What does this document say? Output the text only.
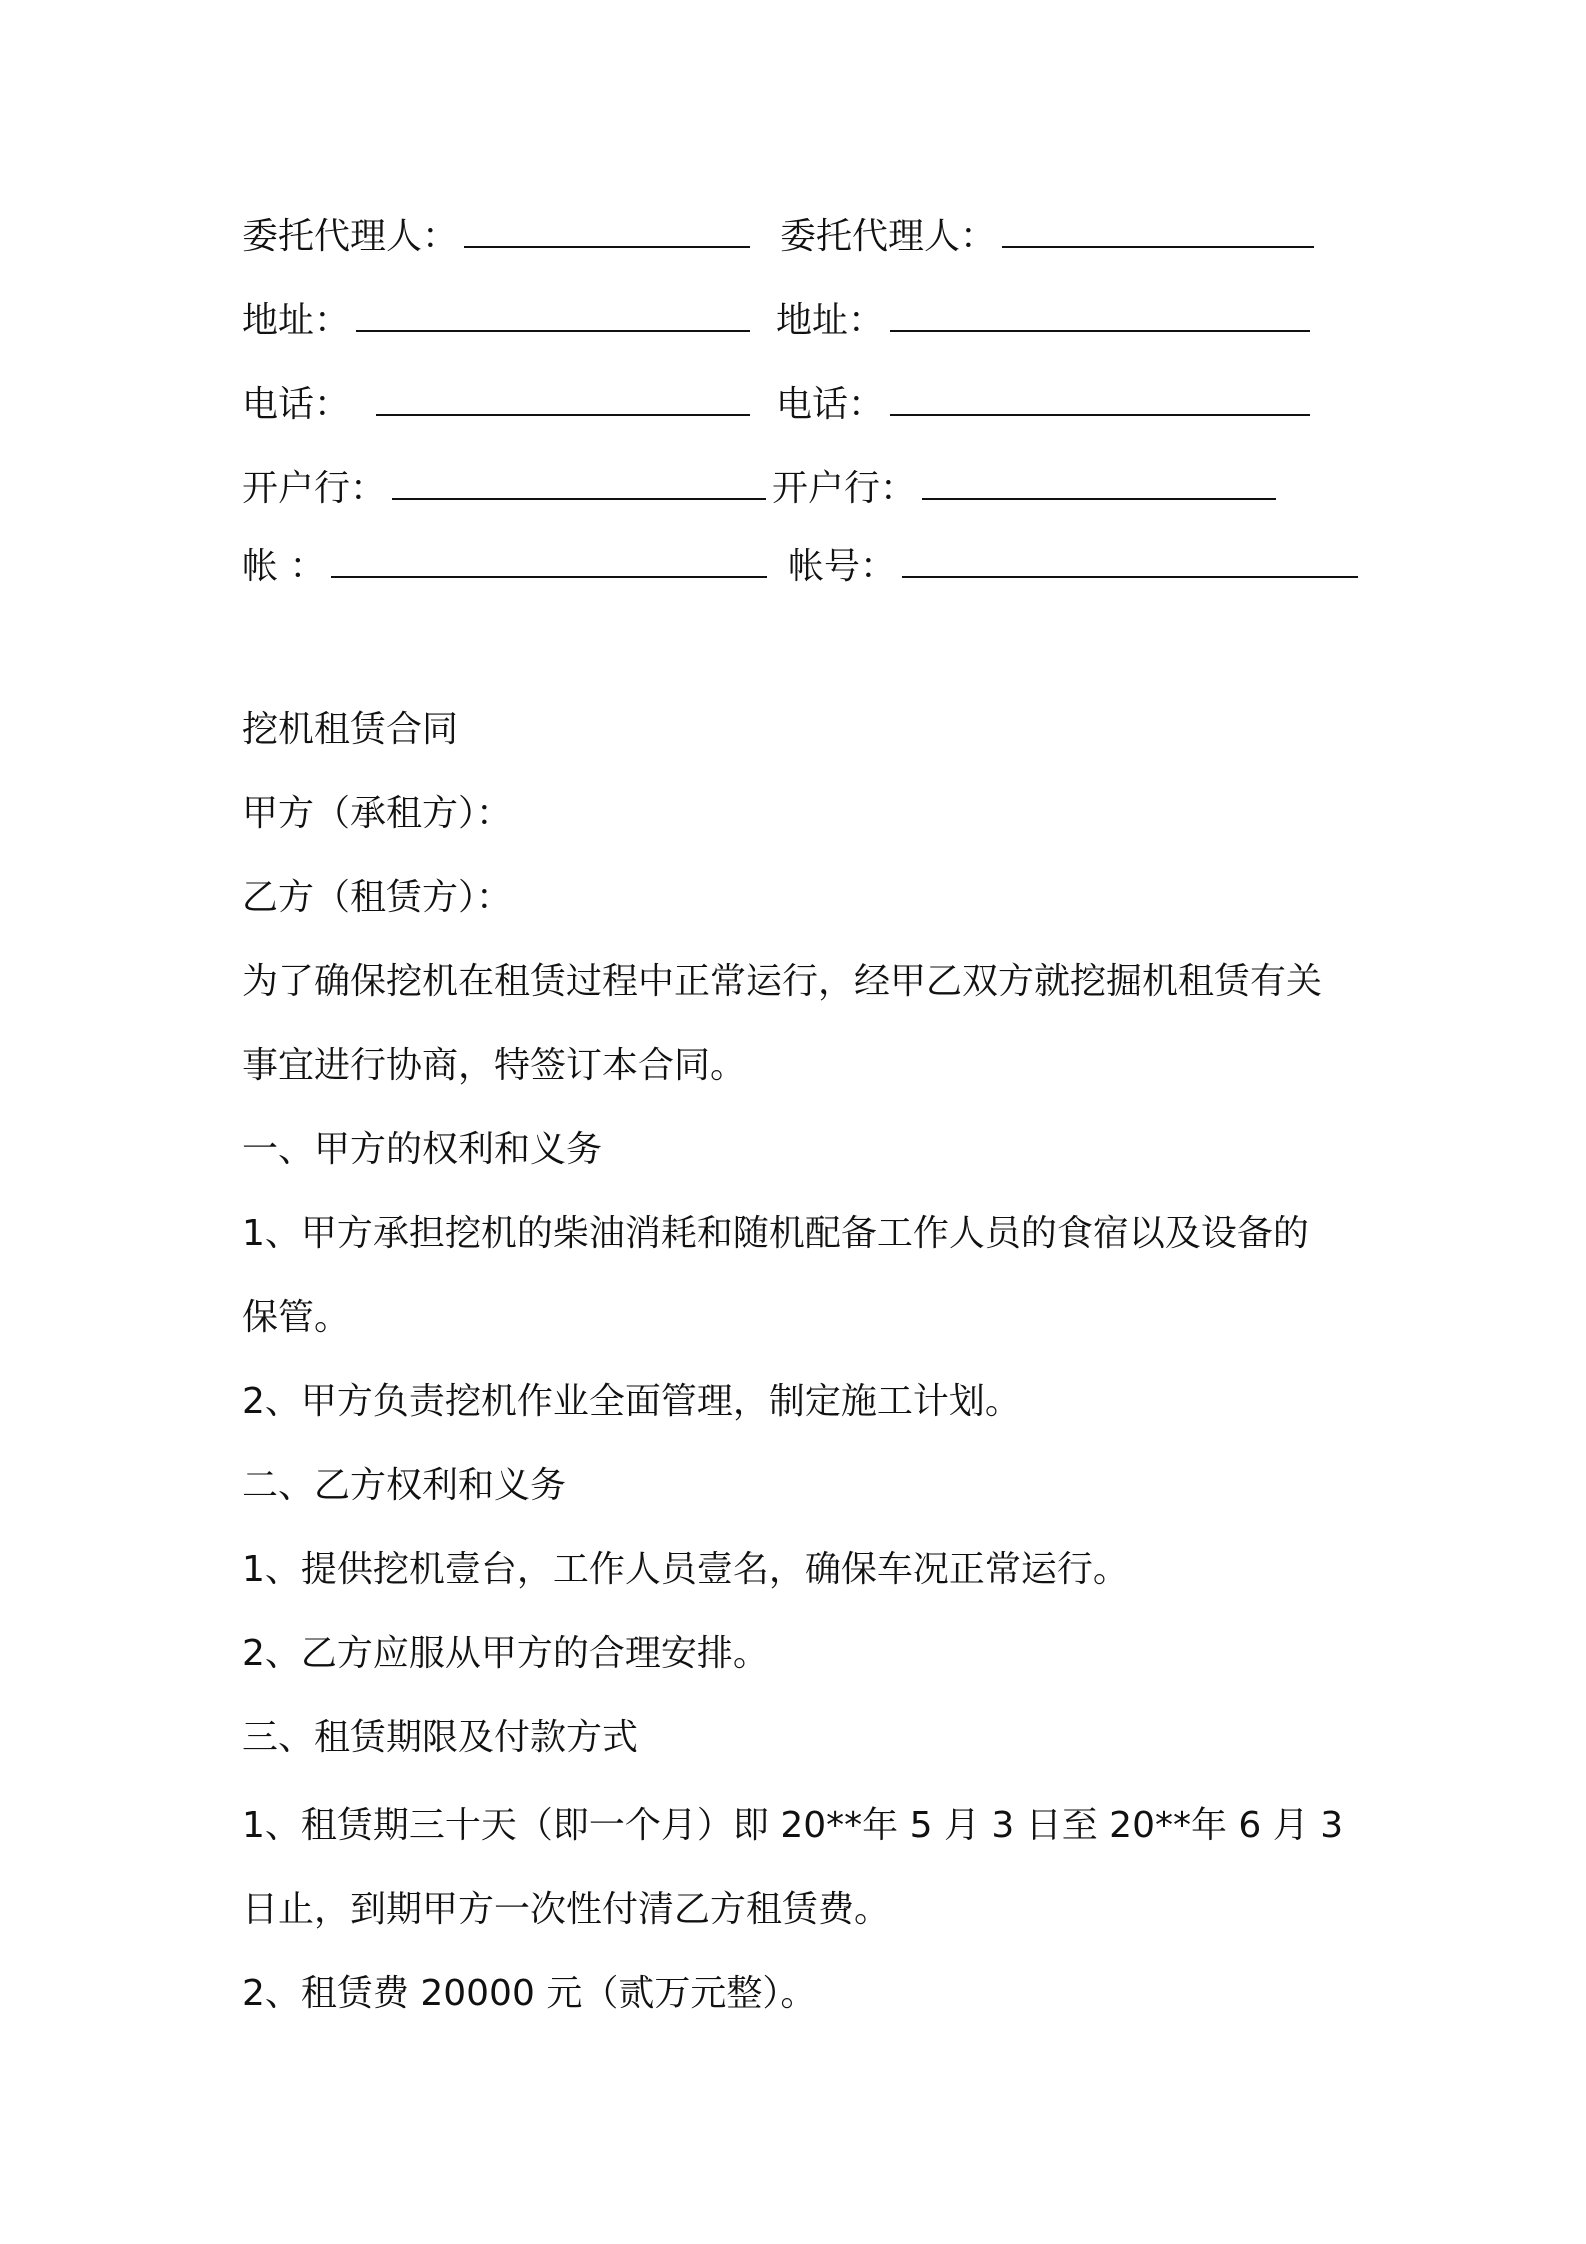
委托代理人：	委托代理人：
地址：	地址：
电话：	电话：
开户行：	开户行：
帐 ：	帐号：
挖机租赁合同
甲方（承租方）：
乙方（租赁方）：
为了确保挖机在租赁过程中正常运行，经甲乙双方就挖掘机租赁有关
事宜进行协商，特签订本合同。
一、甲方的权利和义务
1、甲方承担挖机的柴油消耗和随机配备工作人员的食宿以及设备的
保管。
2、甲方负责挖机作业全面管理，制定施工计划。
二、乙方权利和义务
1、提供挖机壹台，工作人员壹名，确保车况正常运行。
2、乙方应服从甲方的合理安排。
三、租赁期限及付款方式
1、租赁期三十天（即一个月）即 20**年 5 月 3 日至 20**年 6 月 3
日止，到期甲方一次性付清乙方租赁费。
2、租赁费 20000 元（贰万元整）。
